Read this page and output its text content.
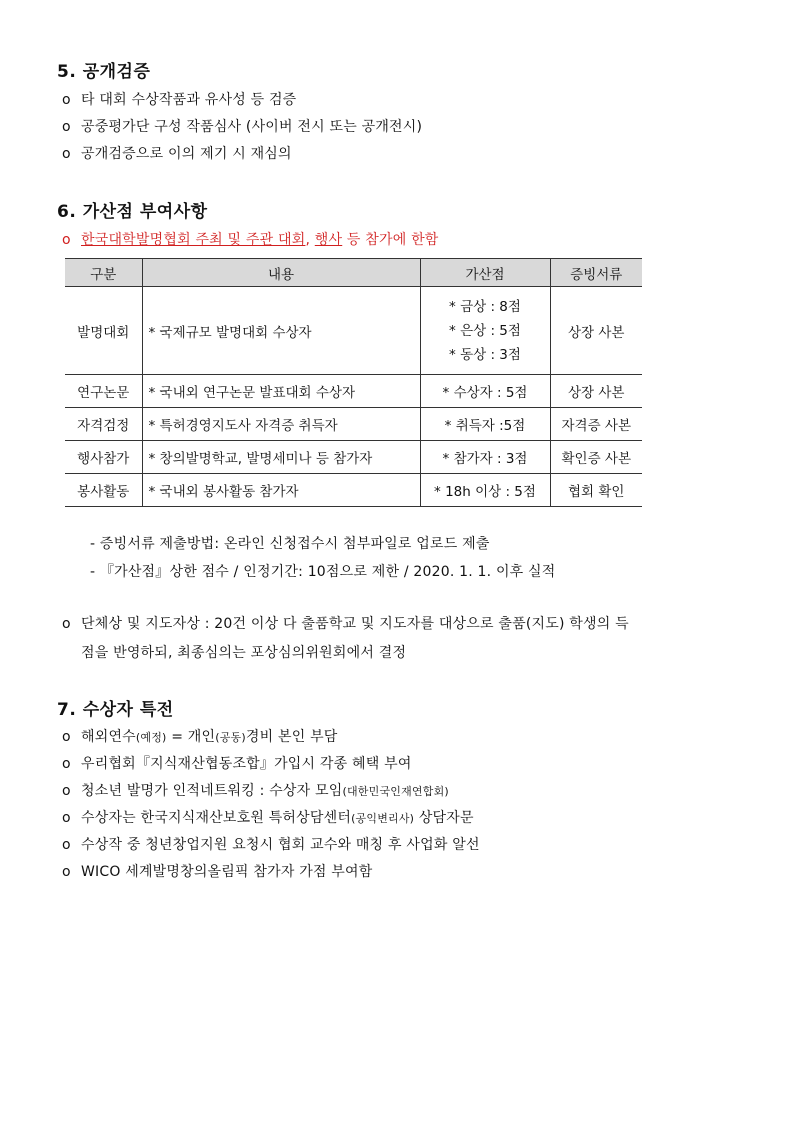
5. 공개검증
o 타 대회 수상작품과 유사성 등 검증
o 공중평가단 구성 작품심사 (사이버 전시 또는 공개전시)
o 공개검증으로 이의 제기 시 재심의
6. 가산점 부여사항
o 한국대학발명협회 주최 및 주관 대회, 행사 등 참가에 한함
구분	내용	가산점	증빙서류
발명대회	* 국제규모 발명대회 수상자	* 금상 : 8점
* 은상 : 5점
* 동상 : 3점	상장 사본
연구논문	* 국내외 연구논문 발표대회 수상자	* 수상자 : 5점	상장 사본
자격검정	* 특허경영지도사 자격증 취득자	* 취득자 :5점	자격증 사본
행사참가	* 창의발명학교, 발명세미나 등 참가자	* 참가자 : 3점	확인증 사본
봉사활동	* 국내외 봉사활동 참가자	* 18h 이상 : 5점	협회 확인
- 증빙서류 제출방법: 온라인 신청접수시 첨부파일로 업로드 제출
- 『가산점』상한 점수 / 인정기간: 10점으로 제한 / 2020. 1. 1. 이후 실적
o 단체상 및 지도자상 : 20건 이상 다 출품학교 및 지도자를 대상으로 출품(지도) 학생의 득
점을 반영하되, 최종심의는 포상심의위원회에서 결정
7. 수상자 특전
o 해외연수(예정) = 개인(공동)경비 본인 부담
o 우리협회『지식재산협동조합』가입시 각종 혜택 부여
o 청소년 발명가 인적네트워킹 : 수상자 모임(대한민국인재연합회)
o 수상자는 한국지식재산보호원 특허상담센터(공익변리사) 상담자문
o 수상작 중 청년창업지원 요청시 협회 교수와 매칭 후 사업화 알선
o WICO 세계발명창의올림픽 참가자 가점 부여함
